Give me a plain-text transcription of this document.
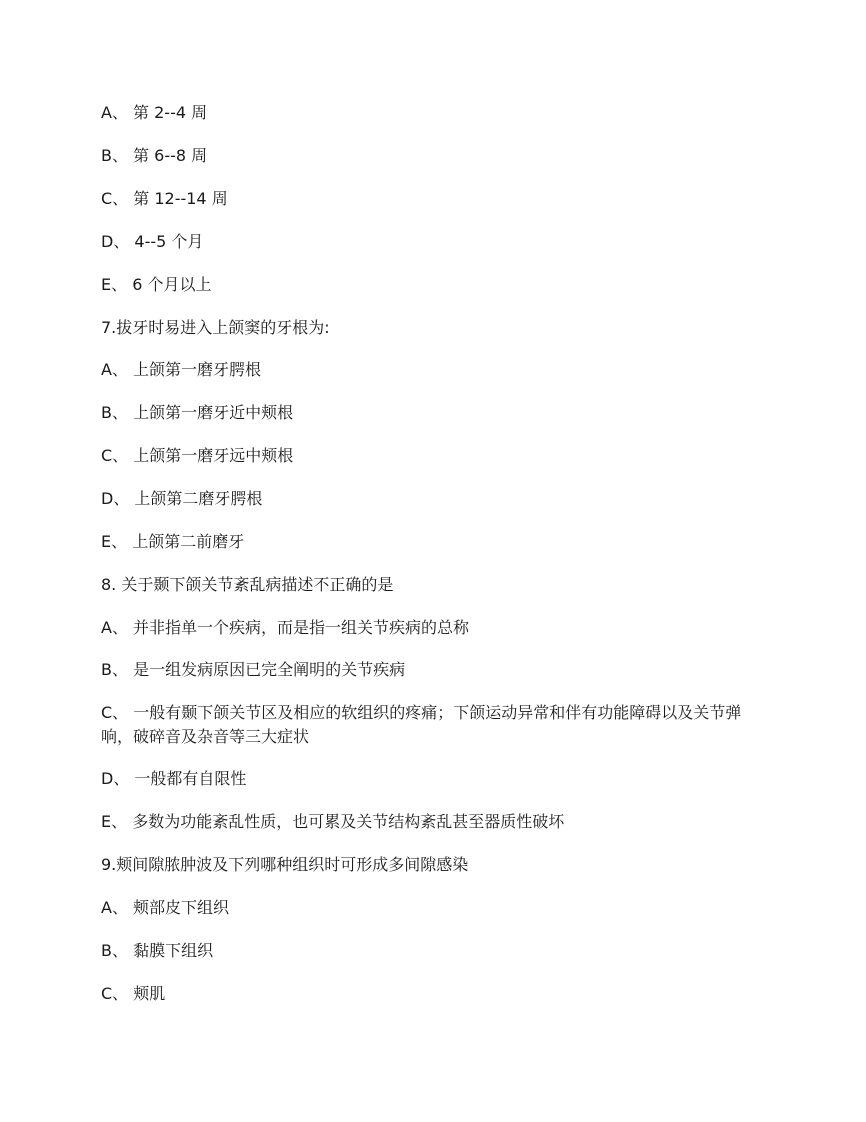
A、 第 2--4 周
B、 第 6--8 周
C、 第 12--14 周
D、 4--5 个月
E、 6 个月以上
7.拔牙时易进入上颌窦的牙根为:
A、 上颌第一磨牙腭根
B、 上颌第一磨牙近中颊根
C、 上颌第一磨牙远中颊根
D、 上颌第二磨牙腭根
E、 上颌第二前磨牙
8. 关于颞下颌关节紊乱病描述不正确的是
A、 并非指单一个疾病，而是指一组关节疾病的总称
B、 是一组发病原因已完全阐明的关节疾病
C、 一般有颞下颌关节区及相应的软组织的疼痛；下颌运动异常和伴有功能障碍以及关节弹响，破碎音及杂音等三大症状
D、 一般都有自限性
E、 多数为功能紊乱性质，也可累及关节结构紊乱甚至器质性破坏
9.颊间隙脓肿波及下列哪种组织时可形成多间隙感染
A、 颊部皮下组织
B、 黏膜下组织
C、 颊肌
